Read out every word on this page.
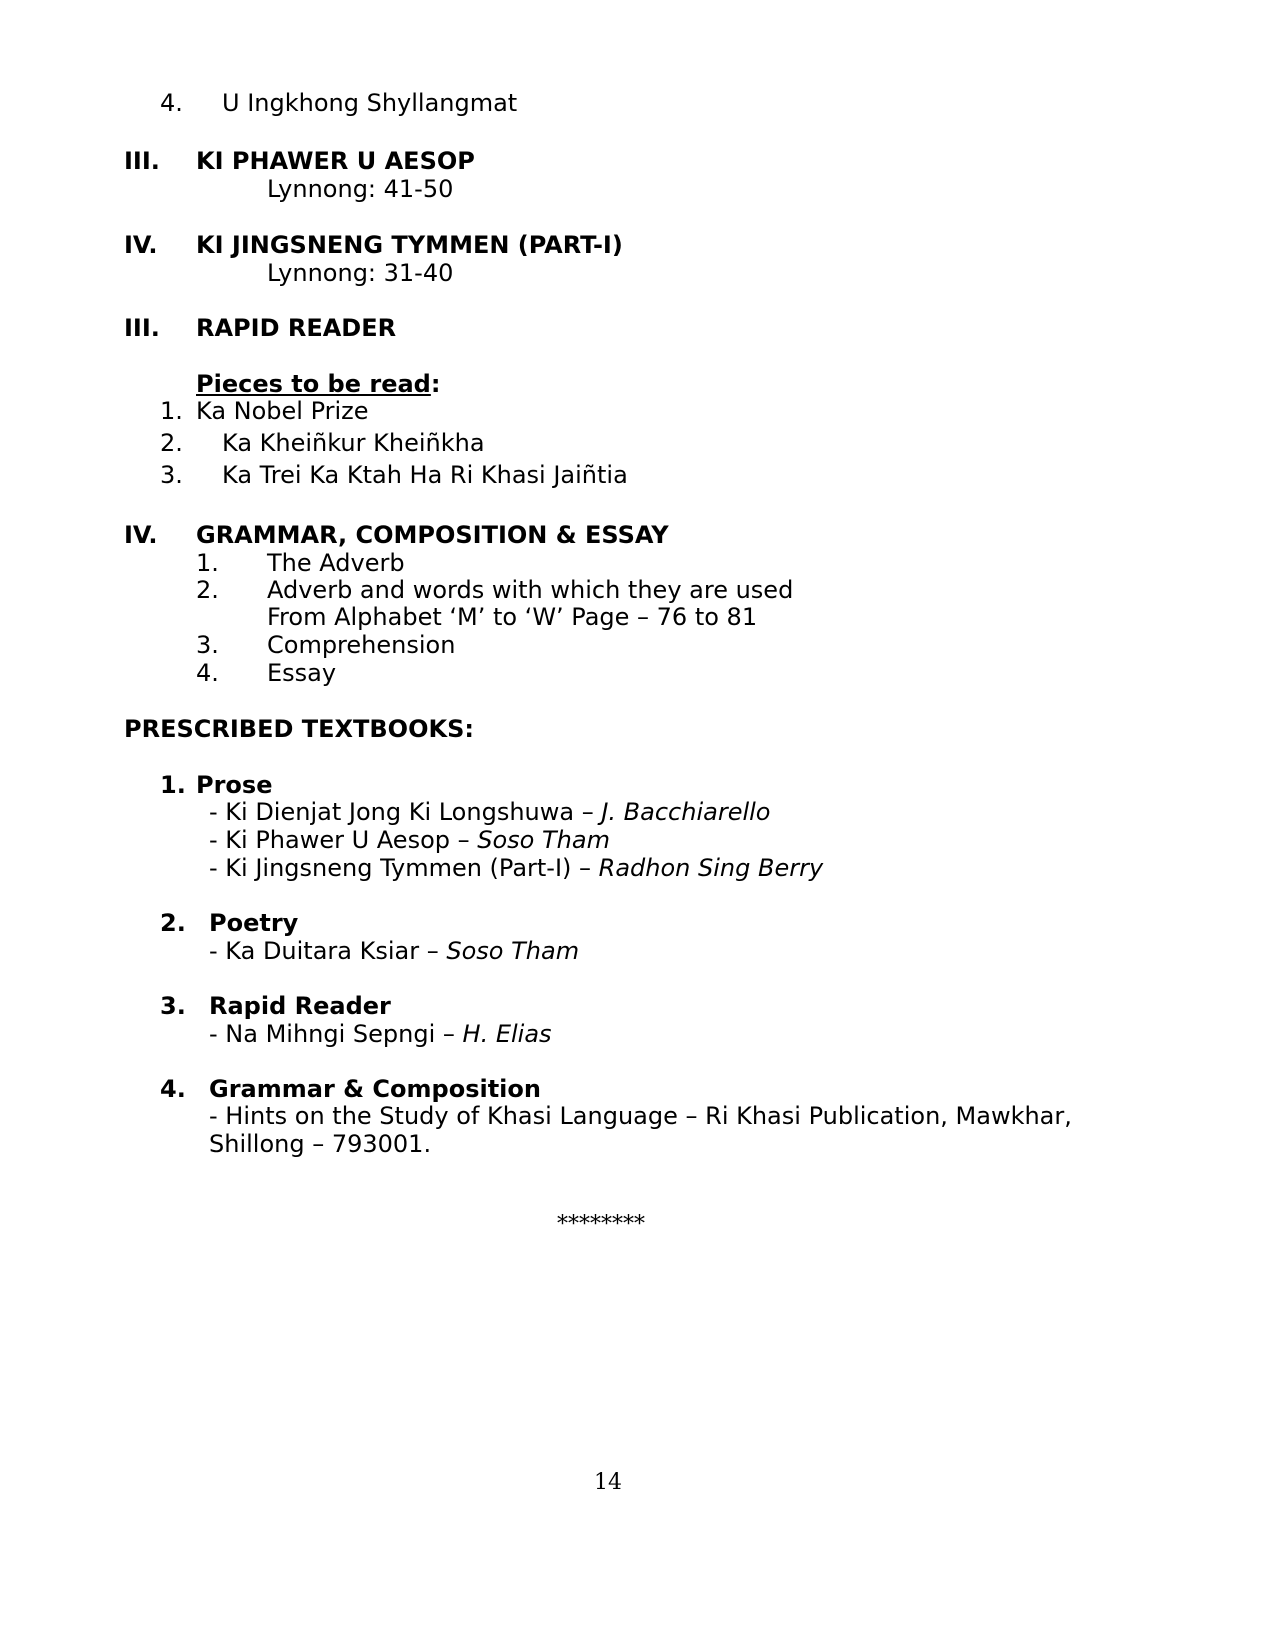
4. U Ingkhong Shyllangmat
III. KI PHAWER U AESOP
Lynnong: 41-50
IV. KI JINGSNENG TYMMEN (PART-I)
Lynnong: 31-40
III. RAPID READER
Pieces to be read:
1. Ka Nobel Prize
2. Ka Kheiñkur Kheiñkha
3. Ka Trei Ka Ktah Ha Ri Khasi Jaiñtia
IV. GRAMMAR, COMPOSITION & ESSAY
1. The Adverb
2. Adverb and words with which they are used
From Alphabet ‘M’ to ‘W’ Page – 76 to 81
3. Comprehension
4. Essay
PRESCRIBED TEXTBOOKS:
1. Prose
- Ki Dienjat Jong Ki Longshuwa – J. Bacchiarello
- Ki Phawer U Aesop – Soso Tham
- Ki Jingsneng Tymmen (Part-I) – Radhon Sing Berry
2. Poetry
- Ka Duitara Ksiar – Soso Tham
3. Rapid Reader
- Na Mihngi Sepngi – H. Elias
4. Grammar & Composition
- Hints on the Study of Khasi Language – Ri Khasi Publication, Mawkhar,
Shillong – 793001.
********
14
